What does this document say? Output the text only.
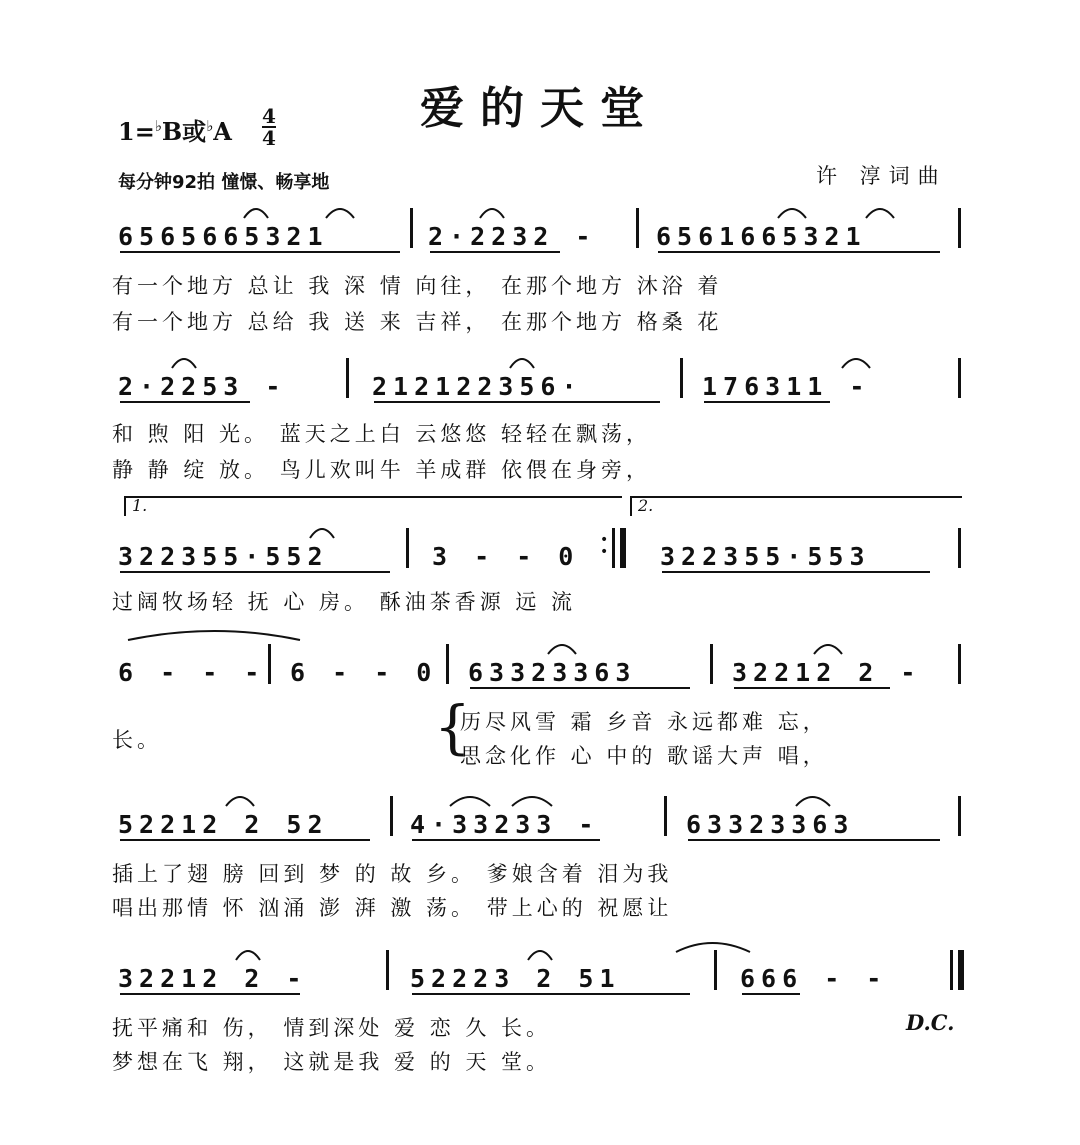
爱的天堂
1=♭B或$^♭A \frac{4}{4}$
每分钟92拍 憧憬、畅享地	许 淳词曲
6565665321	2·2232 - 6561665321
有一个地方 总让 我 深 情 向往， 在那个地方 沐浴 着
有一个地方 总给 我 送 来 吉祥， 在那个地方 格桑 花
2·2253 -	212122356·	176311 -
和 煦 阳 光。 蓝天之上白 云悠悠 轻轻在飘荡，
静 静 绽 放。 鸟儿欢叫牛 羊成群 依偎在身旁，
1.	2.
322355·552	3 - - 0
•
• 322355·553
过阔牧场轻 抚 心 房。 酥油茶香源 远 流
6 - - - 6 - - 0 63323363	32212 2 -
长。	{
历尽风雪 霜 乡音 永远都难 忘，
思念化作 心 中的 歌谣大声 唱，
52212 2 52	4·33233 -	63323363
插上了翅 膀 回到 梦 的 故 乡。 爹娘含着 泪为我
唱出那情 怀 汹涌 澎 湃 激 荡。 带上心的 祝愿让
32212 2 -	52223 2 51	666 - -
D.C.
抚平痛和 伤， 情到深处 爱 恋 久 长。
梦想在飞 翔， 这就是我 爱 的 天 堂。
